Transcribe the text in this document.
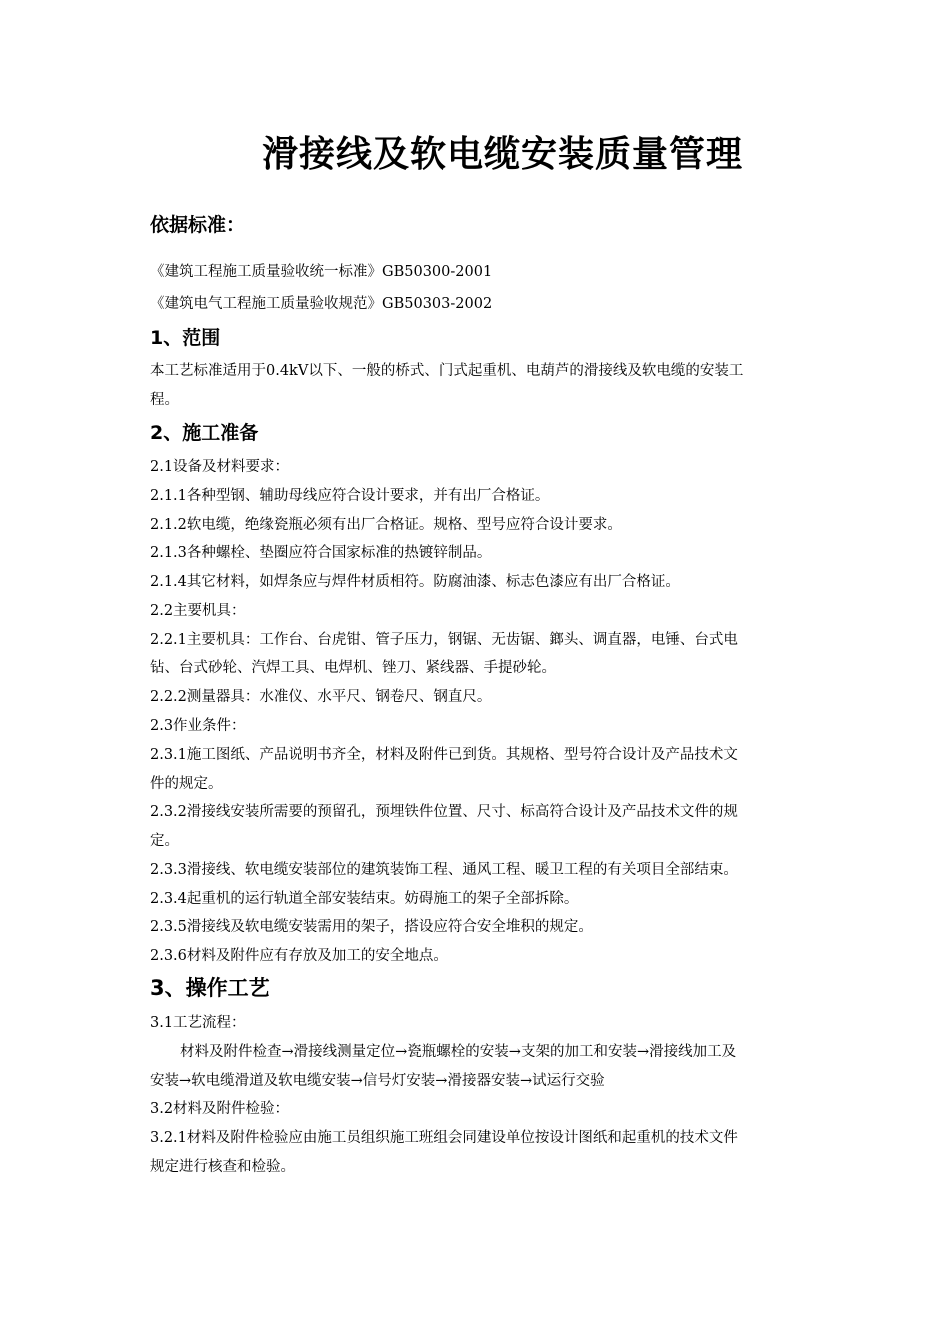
滑接线及软电缆安装质量管理
依据标准：
《建筑工程施工质量验收统一标准》GB50300-2001
《建筑电气工程施工质量验收规范》GB50303-2002
1、范围
本工艺标准适用于0.4kV以下、一般的桥式、门式起重机、电葫芦的滑接线及软电缆的安装工
程。
2、施工准备
2.1设备及材料要求：
2.1.1各种型钢、辅助母线应符合设计要求，并有出厂合格证。
2.1.2软电缆，绝缘瓷瓶必须有出厂合格证。规格、型号应符合设计要求。
2.1.3各种螺栓、垫圈应符合国家标准的热镀锌制品。
2.1.4其它材料，如焊条应与焊件材质相符。防腐油漆、标志色漆应有出厂合格证。
2.2主要机具：
2.2.1主要机具：工作台、台虎钳、管子压力，钢锯、无齿锯、鎯头、调直器，电锤、台式电
钻、台式砂轮、汽焊工具、电焊机、锉刀、紧线器、手提砂轮。
2.2.2测量器具：水准仪、水平尺、钢卷尺、钢直尺。
2.3作业条件：
2.3.1施工图纸、产品说明书齐全，材料及附件已到货。其规格、型号符合设计及产品技术文
件的规定。
2.3.2滑接线安装所需要的预留孔，预埋铁件位置、尺寸、标高符合设计及产品技术文件的规
定。
2.3.3滑接线、软电缆安装部位的建筑装饰工程、通风工程、暖卫工程的有关项目全部结束。
2.3.4起重机的运行轨道全部安装结束。妨碍施工的架子全部拆除。
2.3.5滑接线及软电缆安装需用的架子，搭设应符合安全堆积的规定。
2.3.6材料及附件应有存放及加工的安全地点。
3、操作工艺
3.1工艺流程：
材料及附件检查→滑接线测量定位→瓷瓶螺栓的安装→支架的加工和安装→滑接线加工及
安装→软电缆滑道及软电缆安装→信号灯安装→滑接器安装→试运行交验
3.2材料及附件检验：
3.2.1材料及附件检验应由施工员组织施工班组会同建设单位按设计图纸和起重机的技术文件
规定进行核查和检验。
